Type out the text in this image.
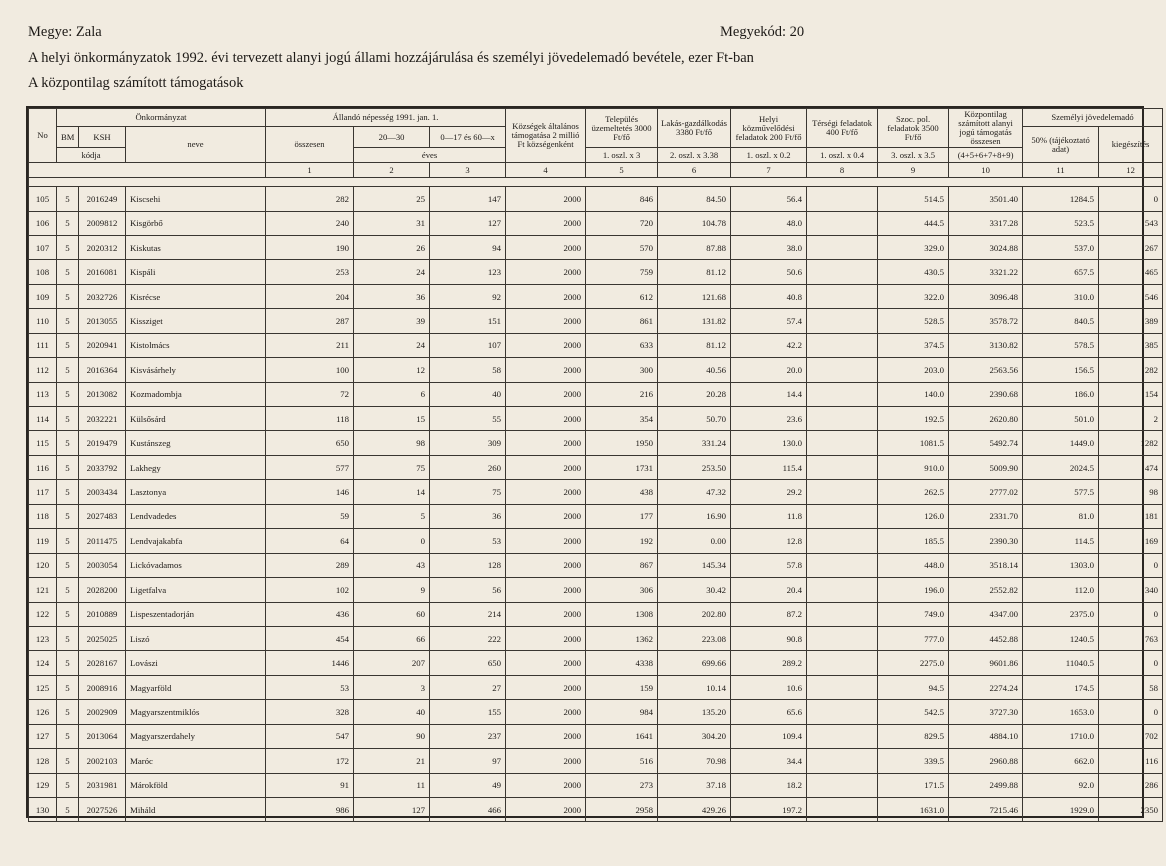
Megye: Zala	Megyekód: 20
A helyi önkormányzatok 1992. évi tervezett alanyi jogú állami hozzájárulása és személyi jövedelemadó bevétele, ezer Ft-ban
A központilag számított támogatások
No	Önkormányzat			Állandó népesség 1991. jan. 1.			Községek általános támogatása 2 millió Ft községenként	Település üzemeltetés 3000 Ft/fő	Lakás-gazdálkodás 3380 Ft/fő	Helyi közművelődési feladatok 200 Ft/fő	Térségi feladatok 400 Ft/fő	Szoc. pol. feladatok 3500 Ft/fő	Központilag számított alanyi jogú támogatás összesen	Személyi jövedelemadó	
	BM	KSH	neve	összesen	20—30	0—17 és 60—x								50% (tájékoztató adat)	kiegészítés
	kódja				éves			1. oszl. x 3	2. oszl. x 3.38	1. oszl. x 0.2	1. oszl. x 0.4	3. oszl. x 3.5	(4+5+6+7+8+9)		
				1	2	3	4	5	6	7	8	9	10	11	12

105	5	2016249	Kiscsehi	282	25	147	2000	846	84.50	56.4		514.5	3501.40	1284.5	0
106	5	2009812	Kisgörbő	240	31	127	2000	720	104.78	48.0		444.5	3317.28	523.5	543
107	5	2020312	Kiskutas	190	26	94	2000	570	87.88	38.0		329.0	3024.88	537.0	267
108	5	2016081	Kispáli	253	24	123	2000	759	81.12	50.6		430.5	3321.22	657.5	465
109	5	2032726	Kisrécse	204	36	92	2000	612	121.68	40.8		322.0	3096.48	310.0	546
110	5	2013055	Kissziget	287	39	151	2000	861	131.82	57.4		528.5	3578.72	840.5	389
111	5	2020941	Kistolmács	211	24	107	2000	633	81.12	42.2		374.5	3130.82	578.5	385
112	5	2016364	Kisvásárhely	100	12	58	2000	300	40.56	20.0		203.0	2563.56	156.5	282
113	5	2013082	Kozmadombja	72	6	40	2000	216	20.28	14.4		140.0	2390.68	186.0	154
114	5	2032221	Külsősárd	118	15	55	2000	354	50.70	23.6		192.5	2620.80	501.0	2
115	5	2019479	Kustánszeg	650	98	309	2000	1950	331.24	130.0		1081.5	5492.74	1449.0	1282
116	5	2033792	Lakhegy	577	75	260	2000	1731	253.50	115.4		910.0	5009.90	2024.5	474
117	5	2003434	Lasztonya	146	14	75	2000	438	47.32	29.2		262.5	2777.02	577.5	98
118	5	2027483	Lendvadedes	59	5	36	2000	177	16.90	11.8		126.0	2331.70	81.0	181
119	5	2011475	Lendvajakabfa	64	0	53	2000	192	0.00	12.8		185.5	2390.30	114.5	169
120	5	2003054	Lickóvadamos	289	43	128	2000	867	145.34	57.8		448.0	3518.14	1303.0	0
121	5	2028200	Ligetfalva	102	9	56	2000	306	30.42	20.4		196.0	2552.82	112.0	340
122	5	2010889	Lispeszentadorján	436	60	214	2000	1308	202.80	87.2		749.0	4347.00	2375.0	0
123	5	2025025	Liszó	454	66	222	2000	1362	223.08	90.8		777.0	4452.88	1240.5	763
124	5	2028167	Lovászi	1446	207	650	2000	4338	699.66	289.2		2275.0	9601.86	11040.5	0
125	5	2008916	Magyarföld	53	3	27	2000	159	10.14	10.6		94.5	2274.24	174.5	58
126	5	2002909	Magyarszentmiklós	328	40	155	2000	984	135.20	65.6		542.5	3727.30	1653.0	0
127	5	2013064	Magyarszerdahely	547	90	237	2000	1641	304.20	109.4		829.5	4884.10	1710.0	702
128	5	2002103	Maróc	172	21	97	2000	516	70.98	34.4		339.5	2960.88	662.0	116
129	5	2031981	Márokföld	91	11	49	2000	273	37.18	18.2		171.5	2499.88	92.0	286
130	5	2027526	Miháld	986	127	466	2000	2958	429.26	197.2		1631.0	7215.46	1929.0	2350
